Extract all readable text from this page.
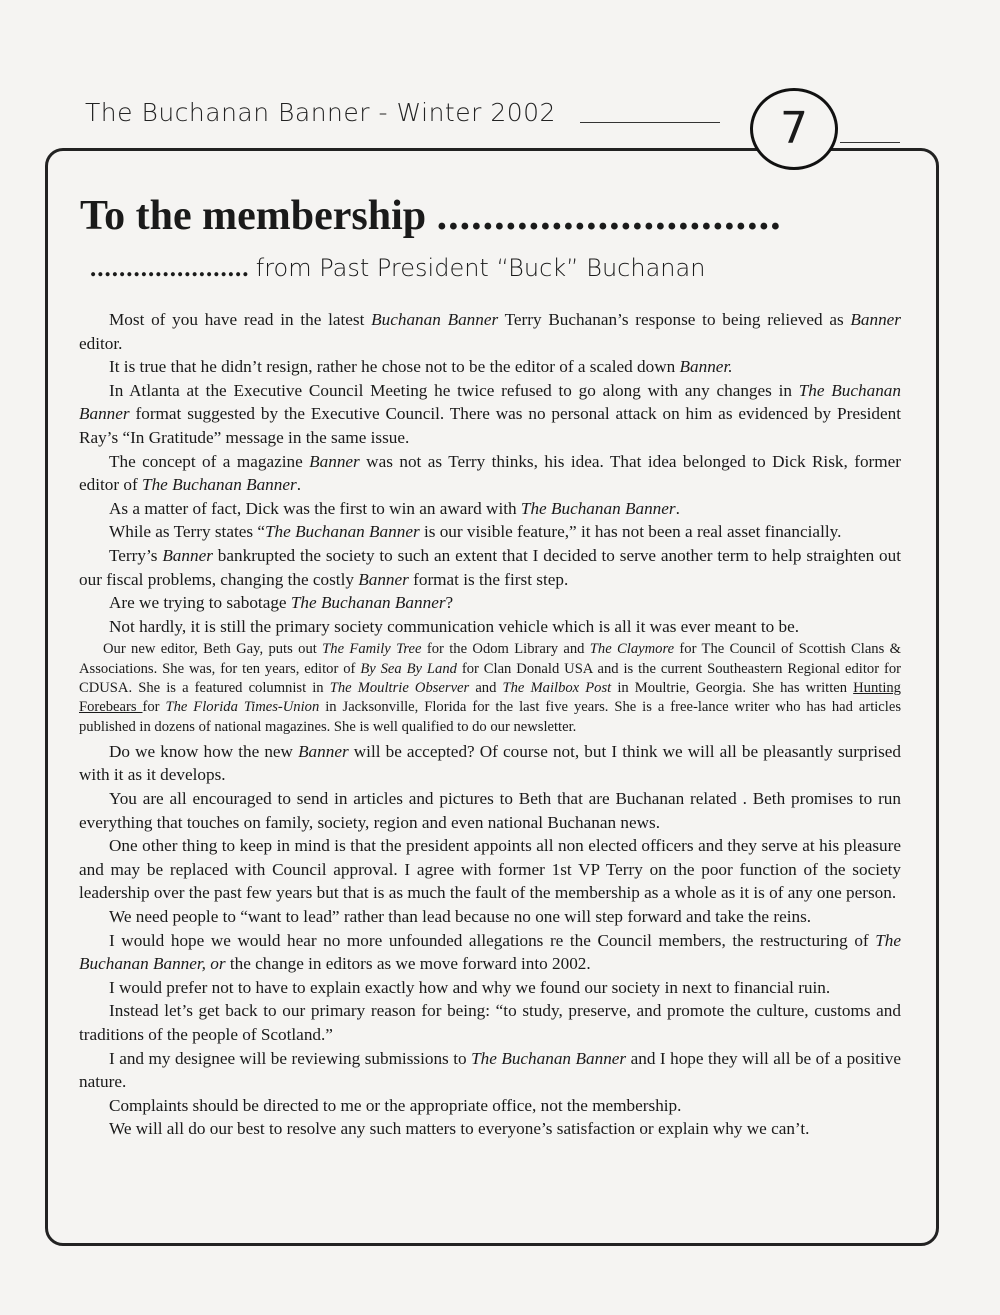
The Buchanan Banner - Winter 2002	7
To the membership ..............................
...................... from Past President “Buck” Buchanan

Most of you have read in the latest Buchanan Banner Terry Buchanan’s response to being relieved as Banner editor.

It is true that he didn’t resign, rather he chose not to be the editor of a scaled down Banner.

In Atlanta at the Executive Council Meeting he twice refused to go along with any changes in The Buchanan Banner format suggested by the Executive Council. There was no personal attack on him as evidenced by President Ray’s “In Gratitude” message in the same issue.

The concept of a magazine Banner was not as Terry thinks, his idea. That idea belonged to Dick Risk, former editor of The Buchanan Banner.

As a matter of fact, Dick was the first to win an award with The Buchanan Banner.

While as Terry states “The Buchanan Banner is our visible feature,” it has not been a real asset financially.

Terry’s Banner bankrupted the society to such an extent that I decided to serve another term to help straighten out our fiscal problems, changing the costly Banner format is the first step.

Are we trying to sabotage The Buchanan Banner?

Not hardly, it is still the primary society communication vehicle which is all it was ever meant to be.

Our new editor, Beth Gay, puts out The Family Tree for the Odom Library and The Claymore for The Council of Scottish Clans & Associations. She was, for ten years, editor of By Sea By Land for Clan Donald USA and is the current Southeastern Regional editor for CDUSA. She is a featured columnist in The Moultrie Observer and The Mailbox Post in Moultrie, Georgia. She has written Hunting Forebears for The Florida Times-Union in Jacksonville, Florida for the last five years. She is a free-lance writer who has had articles published in dozens of national magazines. She is well qualified to do our newsletter.

Do we know how the new Banner will be accepted? Of course not, but I think we will all be pleasantly surprised with it as it develops.

You are all encouraged to send in articles and pictures to Beth that are Buchanan related . Beth promises to run everything that touches on family, society, region and even national Buchanan news.

One other thing to keep in mind is that the president appoints all non elected officers and they serve at his pleasure and may be replaced with Council approval. I agree with former 1st VP Terry on the poor function of the society leadership over the past few years but that is as much the fault of the membership as a whole as it is of any one person.

We need people to “want to lead” rather than lead because no one will step forward and take the reins.

I would hope we would hear no more unfounded allegations re the Council members, the restructuring of The Buchanan Banner, or the change in editors as we move forward into 2002.

I would prefer not to have to explain exactly how and why we found our society in next to financial ruin.

Instead let’s get back to our primary reason for being: “to study, preserve, and promote the culture, customs and traditions of the people of Scotland.”

I and my designee will be reviewing submissions to The Buchanan Banner and I hope they will all be of a positive nature.

Complaints should be directed to me or the appropriate office, not the membership.

We will all do our best to resolve any such matters to everyone’s satisfaction or explain why we can’t.
